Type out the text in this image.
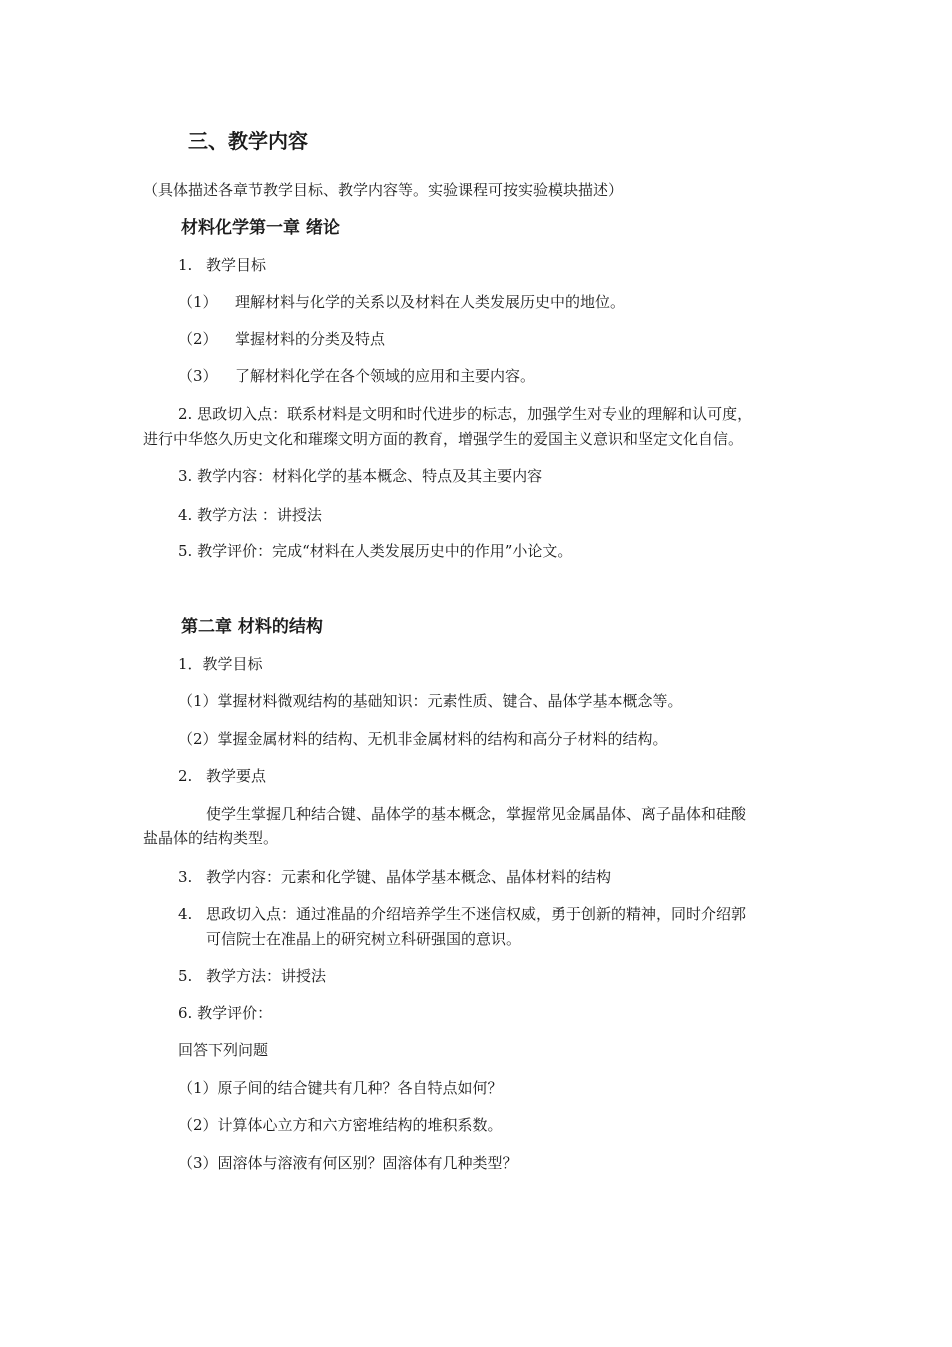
三、教学内容
（具体描述各章节教学目标、教学内容等。实验课程可按实验模块描述）
材料化学第一章 绪论
1. 教学目标
（1） 理解材料与化学的关系以及材料在人类发展历史中的地位。
（2） 掌握材料的分类及特点
（3） 了解材料化学在各个领域的应用和主要内容。
2. 思政切入点：联系材料是文明和时代进步的标志，加强学生对专业的理解和认可度，
进行中华悠久历史文化和璀璨文明方面的教育，增强学生的爱国主义意识和坚定文化自信。
3. 教学内容：材料化学的基本概念、特点及其主要内容
4. 教学方法 ：讲授法
5. 教学评价：完成“材料在人类发展历史中的作用”小论文。
第二章 材料的结构
1．教学目标
（1）掌握材料微观结构的基础知识：元素性质、键合、晶体学基本概念等。
（2）掌握金属材料的结构、无机非金属材料的结构和高分子材料的结构。
2. 教学要点
使学生掌握几种结合键、晶体学的基本概念，掌握常见金属晶体、离子晶体和硅酸
盐晶体的结构类型。
3. 教学内容：元素和化学键、晶体学基本概念、晶体材料的结构
4. 思政切入点：通过准晶的介绍培养学生不迷信权威，勇于创新的精神，同时介绍郭
可信院士在准晶上的研究树立科研强国的意识。
5. 教学方法：讲授法
6. 教学评价：
回答下列问题
（1）原子间的结合键共有几种？各自特点如何？
（2）计算体心立方和六方密堆结构的堆积系数。
（3）固溶体与溶液有何区别？固溶体有几种类型？
